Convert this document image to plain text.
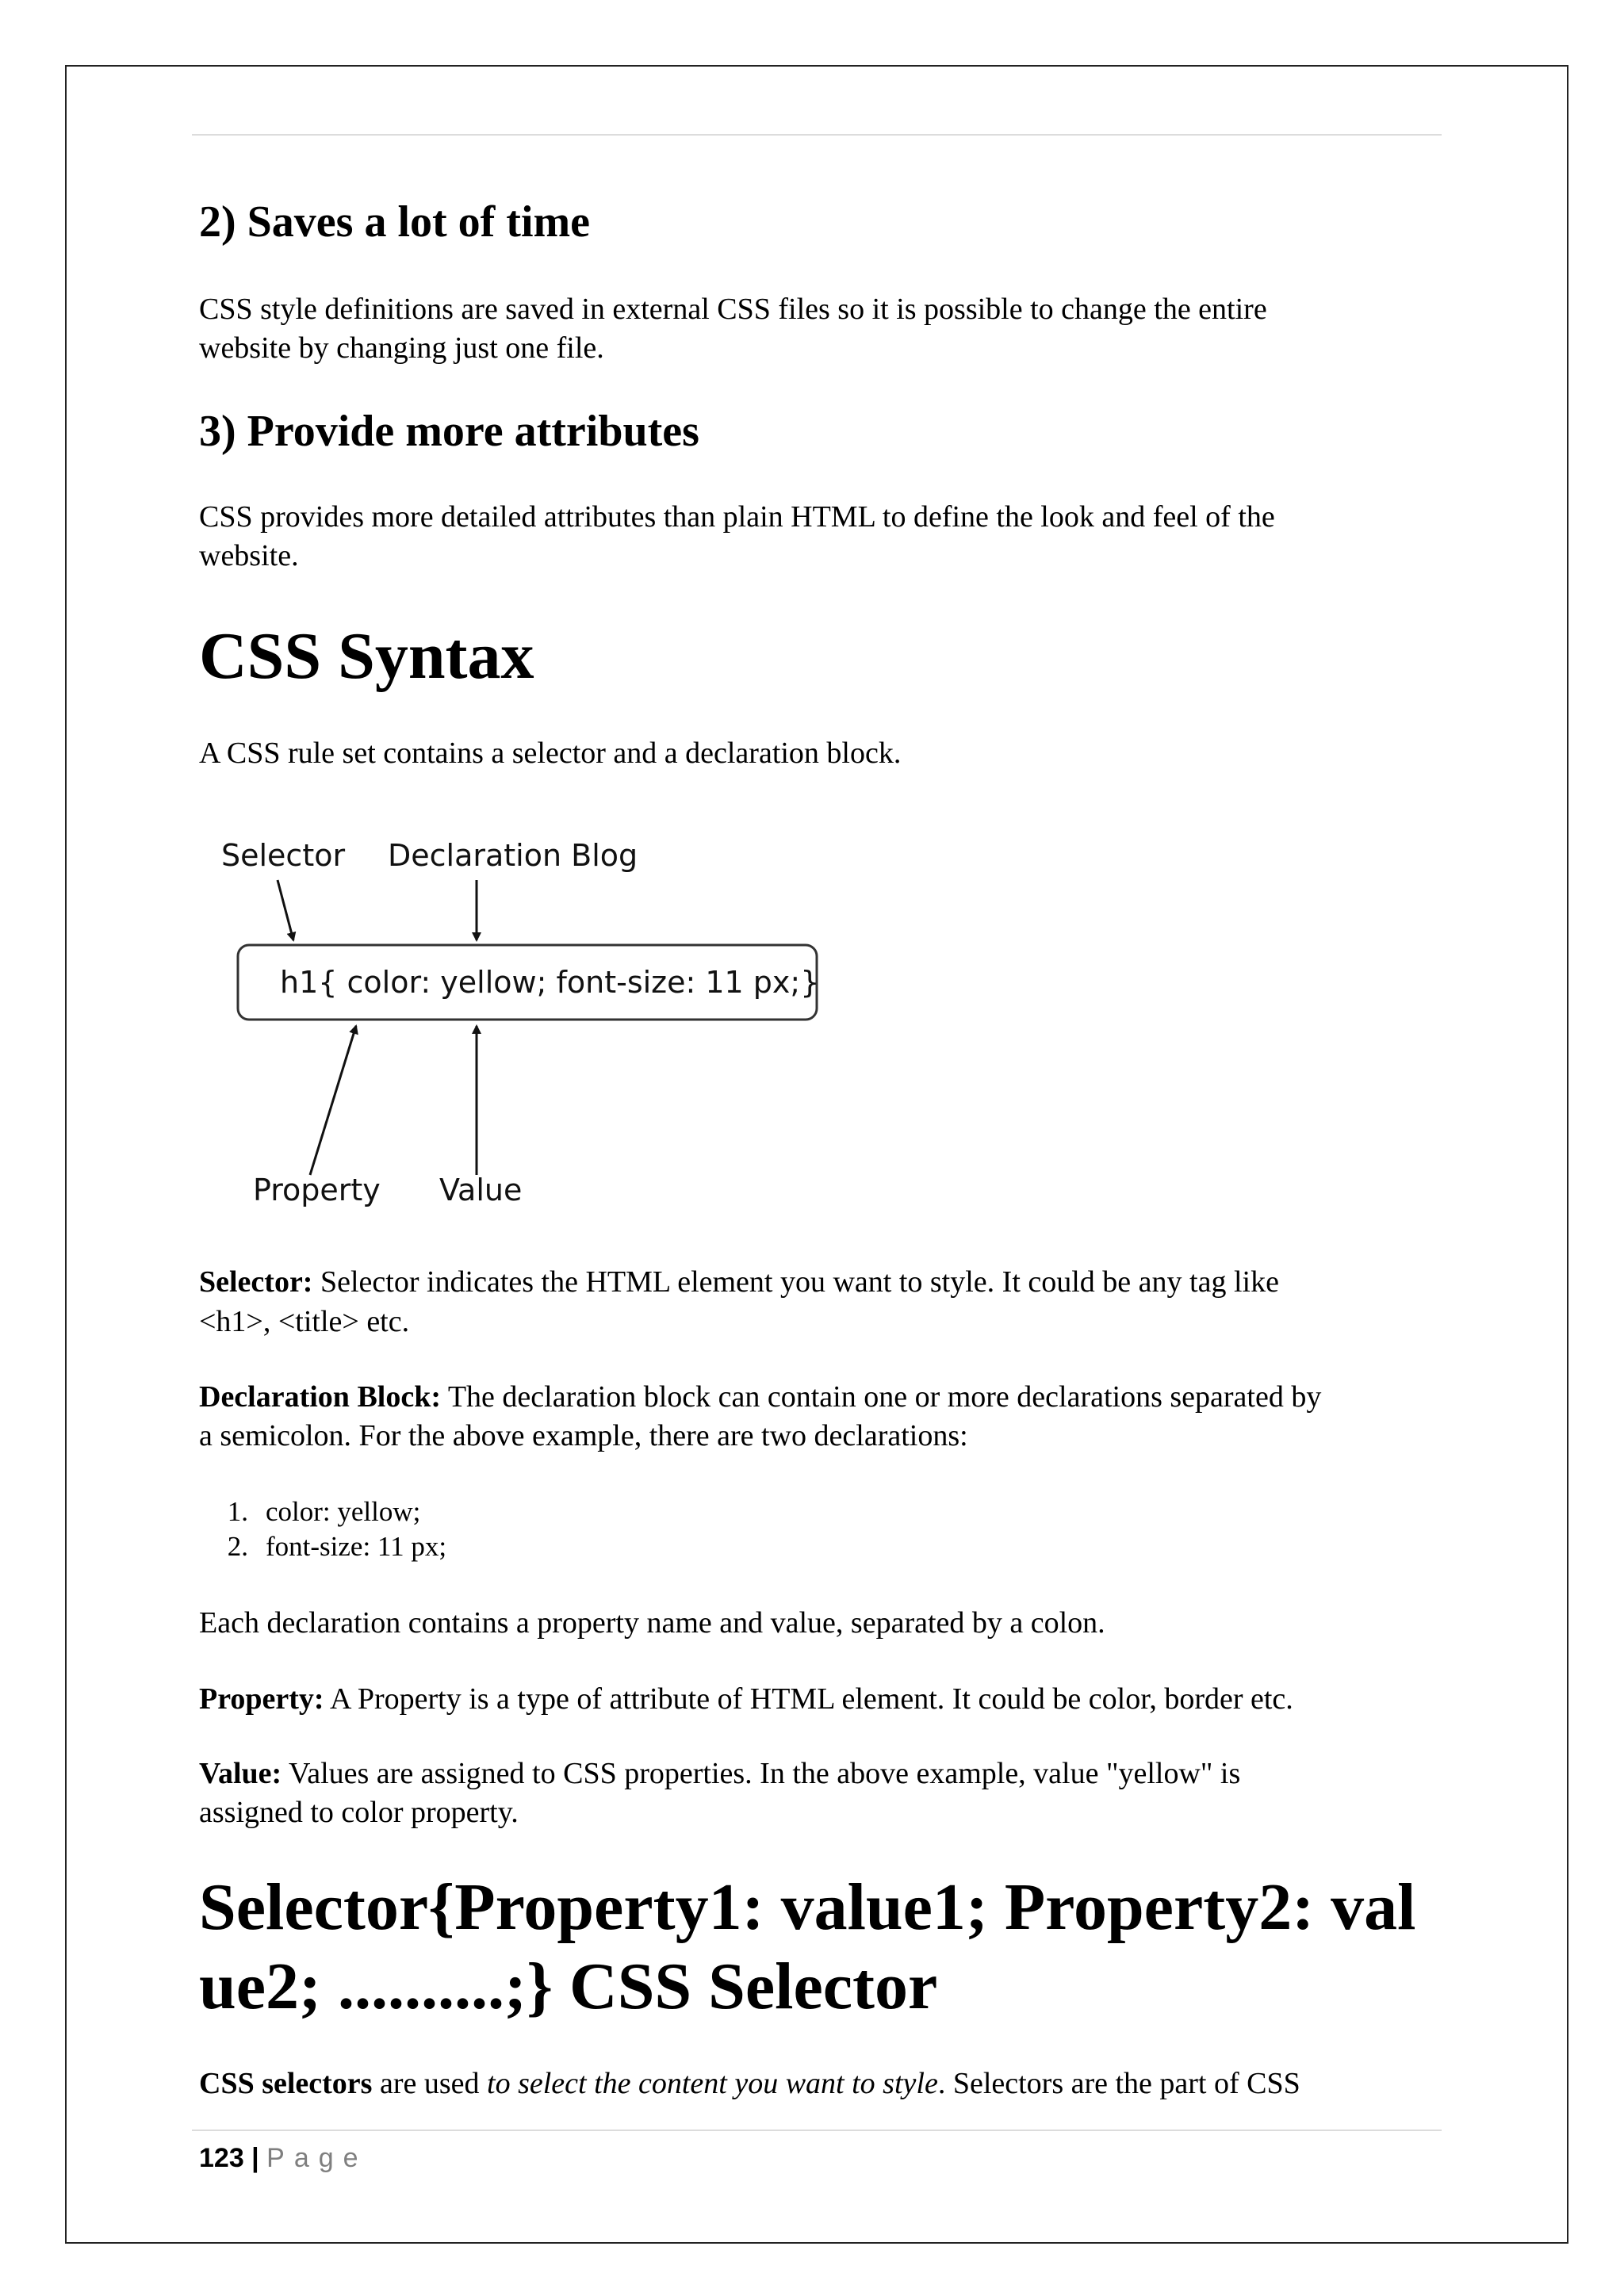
2) Saves a lot of time

CSS style definitions are saved in external CSS files so it is possible to change the entire

website by changing just one file.

3) Provide more attributes

CSS provides more detailed attributes than plain HTML to define the look and feel of the

website.

CSS Syntax

A CSS rule set contains a selector and a declaration block.

Selector Declaration Blog
h1{ color: yellow; font-size: 11 px;}
Property Value

Selector: Selector indicates the HTML element you want to style. It could be any tag like

<h1>, <title> etc.

Declaration Block: The declaration block can contain one or more declarations separated by

a semicolon. For the above example, there are two declarations:

1. color: yellow;

2. font-size: 11 px;

Each declaration contains a property name and value, separated by a colon.

Property: A Property is a type of attribute of HTML element. It could be color, border etc.

Value: Values are assigned to CSS properties. In the above example, value "yellow" is

assigned to color property.

Selector{Property1: value1; Property2: val
ue2; ..........;} CSS Selector

CSS selectors are used to select the content you want to style. Selectors are the part of CSS

123 | Page
